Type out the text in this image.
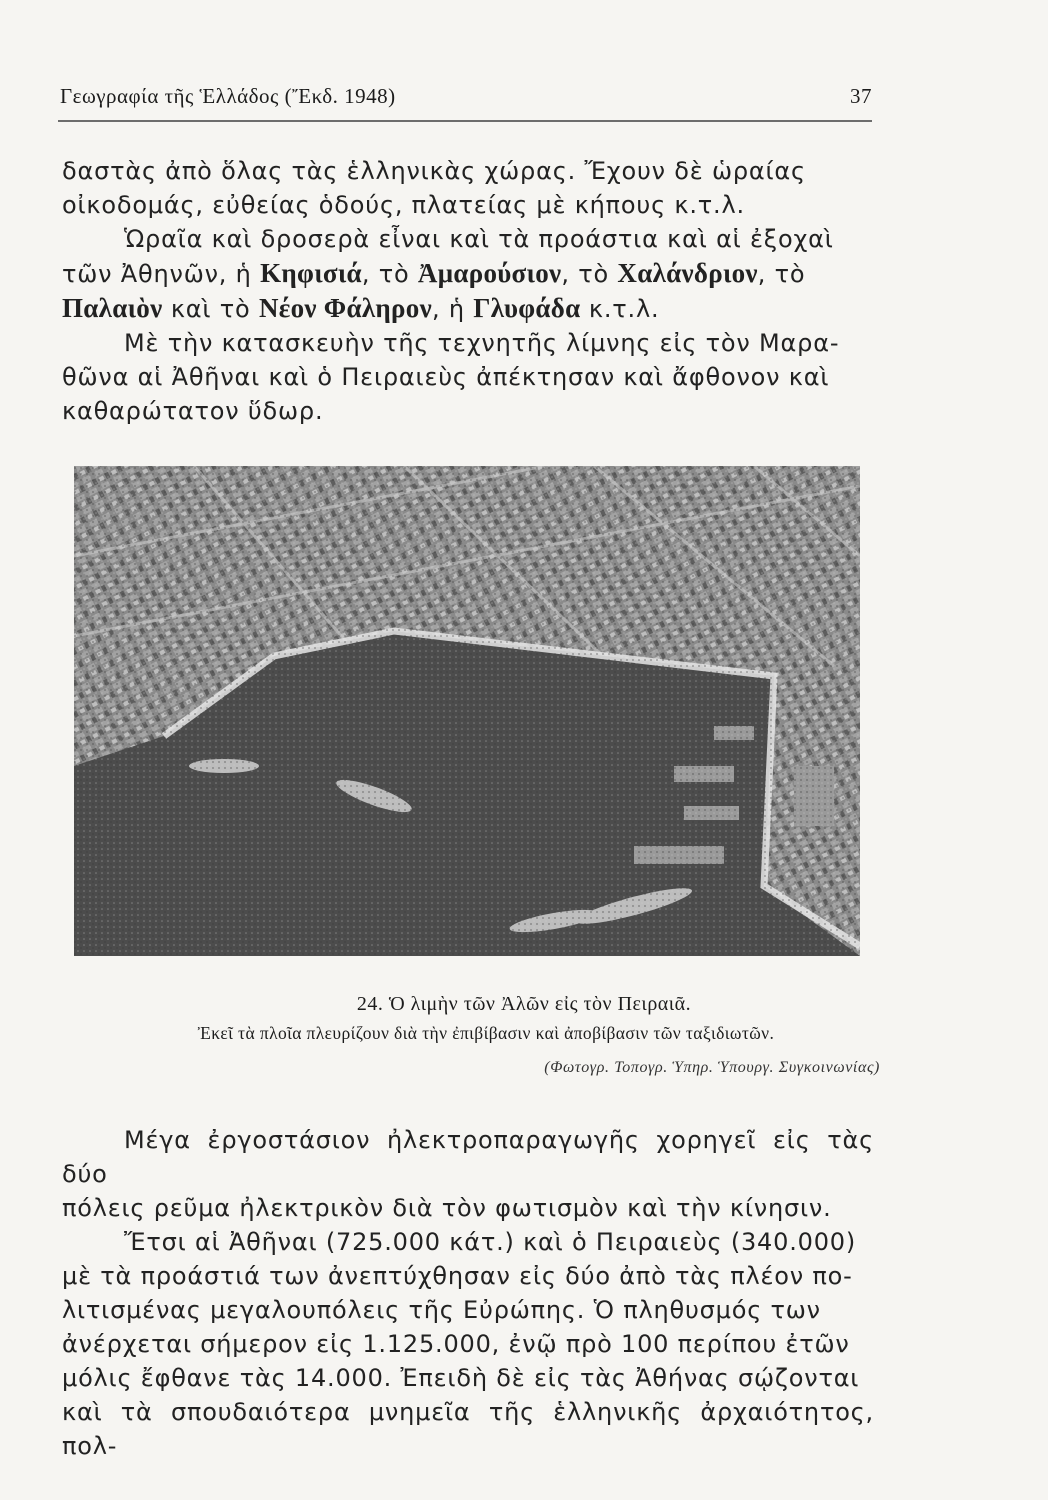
Γεωγραφία τῆς Ἑλλάδος (Ἔκδ. 1948)	37

δαστὰς ἀπὸ ὅλας τὰς ἑλληνικὰς χώρας. Ἔχουν δὲ ὡραίας
οἰκοδομάς, εὐθείας ὁδούς, πλατείας μὲ κήπους κ.τ.λ.

Ὡραῖα καὶ δροσερὰ εἶναι καὶ τὰ προάστια καὶ αἱ ἐξοχαὶ
τῶν Ἀθηνῶν, ἡ Κηφισιά, τὸ Ἀμαρούσιον, τὸ Χαλάνδριον, τὸ
Παλαιὸν καὶ τὸ Νέον Φάληρον, ἡ Γλυφάδα κ.τ.λ.

Μὲ τὴν κατασκευὴν τῆς τεχνητῆς λίμνης εἰς τὸν Μαρα-
θῶνα αἱ Ἀθῆναι καὶ ὁ Πειραιεὺς ἀπέκτησαν καὶ ἄφθονον καὶ
καθαρώτατον ὕδωρ.

24. Ὁ λιμὴν τῶν Ἀλῶν εἰς τὸν Πειραιᾶ.
Ἐκεῖ τὰ πλοῖα πλευρίζουν διὰ τὴν ἐπιβίβασιν καὶ ἀποβίβασιν τῶν ταξιδιωτῶν.
(Φωτογρ. Τοπογρ. Ὑπηρ. Ὑπουργ. Συγκοινωνίας)

Μέγα ἐργοστάσιον ἠλεκτροπαραγωγῆς χορηγεῖ εἰς τὰς δύο
πόλεις ρεῦμα ἠλεκτρικὸν διὰ τὸν φωτισμὸν καὶ τὴν κίνησιν.

Ἔτσι αἱ Ἀθῆναι (725.000 κάτ.) καὶ ὁ Πειραιεὺς (340.000)
μὲ τὰ προάστιά των ἀνεπτύχθησαν εἰς δύο ἀπὸ τὰς πλέον πο-
λιτισμένας μεγαλουπόλεις τῆς Εὐρώπης. Ὁ πληθυσμός των
ἀνέρχεται σήμερον εἰς 1.125.000, ἐνῷ πρὸ 100 περίπου ἐτῶν
μόλις ἔφθανε τὰς 14.000. Ἐπειδὴ δὲ εἰς τὰς Ἀθήνας σῴζονται
καὶ τὰ σπουδαιότερα μνημεῖα τῆς ἑλληνικῆς ἀρχαιότητος, πολ-
